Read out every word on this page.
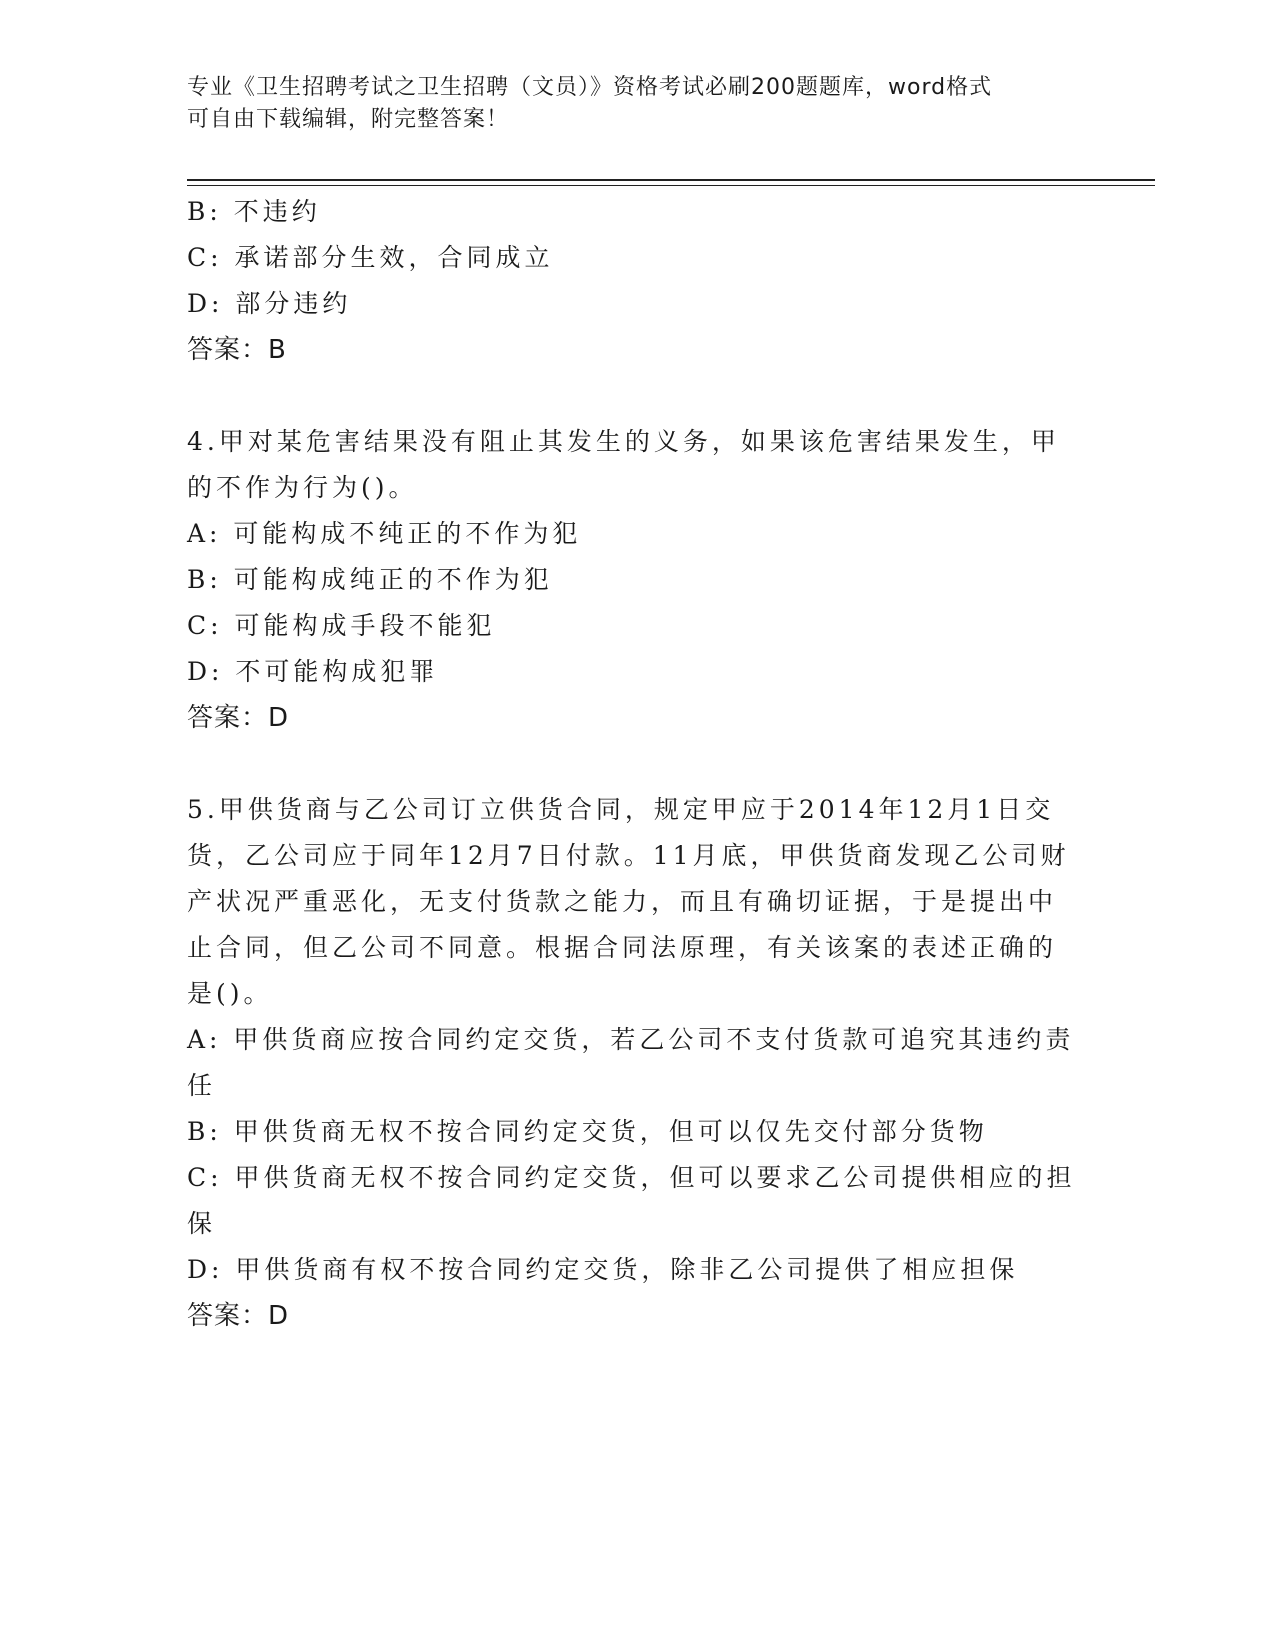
专业《卫生招聘考试之卫生招聘（文员）》资格考试必刷200题题库，word格式
可自由下载编辑，附完整答案！
B: 不违约
C: 承诺部分生效，合同成立
D: 部分违约
答案：B
4.甲对某危害结果没有阻止其发生的义务，如果该危害结果发生，甲
的不作为行为()。
A: 可能构成不纯正的不作为犯
B: 可能构成纯正的不作为犯
C: 可能构成手段不能犯
D: 不可能构成犯罪
答案：D
5.甲供货商与乙公司订立供货合同，规定甲应于2014年12月1日交
货，乙公司应于同年12月7日付款。11月底，甲供货商发现乙公司财
产状况严重恶化，无支付货款之能力，而且有确切证据，于是提出中
止合同，但乙公司不同意。根据合同法原理，有关该案的表述正确的
是()。
A: 甲供货商应按合同约定交货，若乙公司不支付货款可追究其违约责
任
B: 甲供货商无权不按合同约定交货，但可以仅先交付部分货物
C: 甲供货商无权不按合同约定交货，但可以要求乙公司提供相应的担
保
D: 甲供货商有权不按合同约定交货，除非乙公司提供了相应担保
答案：D
